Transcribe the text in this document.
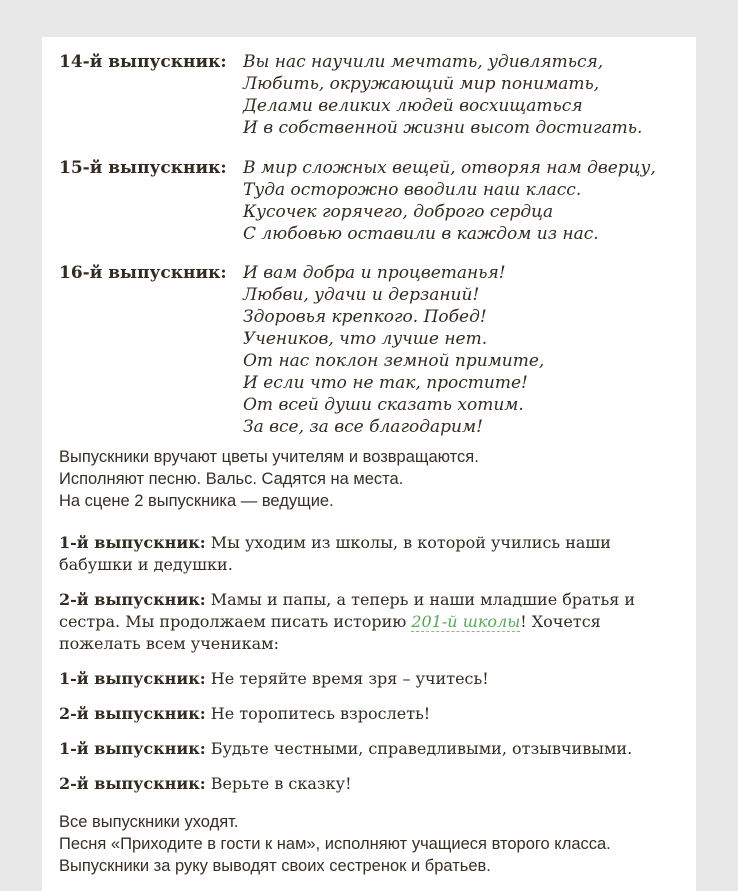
14-й выпускник: Вы нас научили мечтать, удивляться,
Любить, окружающий мир понимать,
Делами великих людей восхищаться
И в собственной жизни высот достигать.
15-й выпускник: В мир сложных вещей, отворяя нам дверцу,
Туда осторожно вводили наш класс.
Кусочек горячего, доброго сердца
С любовью оставили в каждом из нас.
16-й выпускник: И вам добра и процветанья!
Любви, удачи и дерзаний!
Здоровья крепкого. Побед!
Учеников, что лучше нет.
От нас поклон земной примите,
И если что не так, простите!
От всей души сказать хотим.
За все, за все благодарим!
Выпускники вручают цветы учителям и возвращаются.
Исполняют песню. Вальс. Садятся на места.
На сцене 2 выпускника — ведущие.

1-й выпускник: Мы уходим из школы, в которой учились наши бабушки и дедушки.

2-й выпускник: Мамы и папы, а теперь и наши младшие братья и сестра. Мы продолжаем писать историю 201-й школы! Хочется пожелать всем ученикам:

1-й выпускник: Не теряйте время зря – учитесь!

2-й выпускник: Не торопитесь взрослеть!

1-й выпускник: Будьте честными, справедливыми, отзывчивыми.

2-й выпускник: Верьте в сказку!

Все выпускники уходят.
Песня «Приходите в гости к нам», исполняют учащиеся второго класса.
Выпускники за руку выводят своих сестренок и братьев.
